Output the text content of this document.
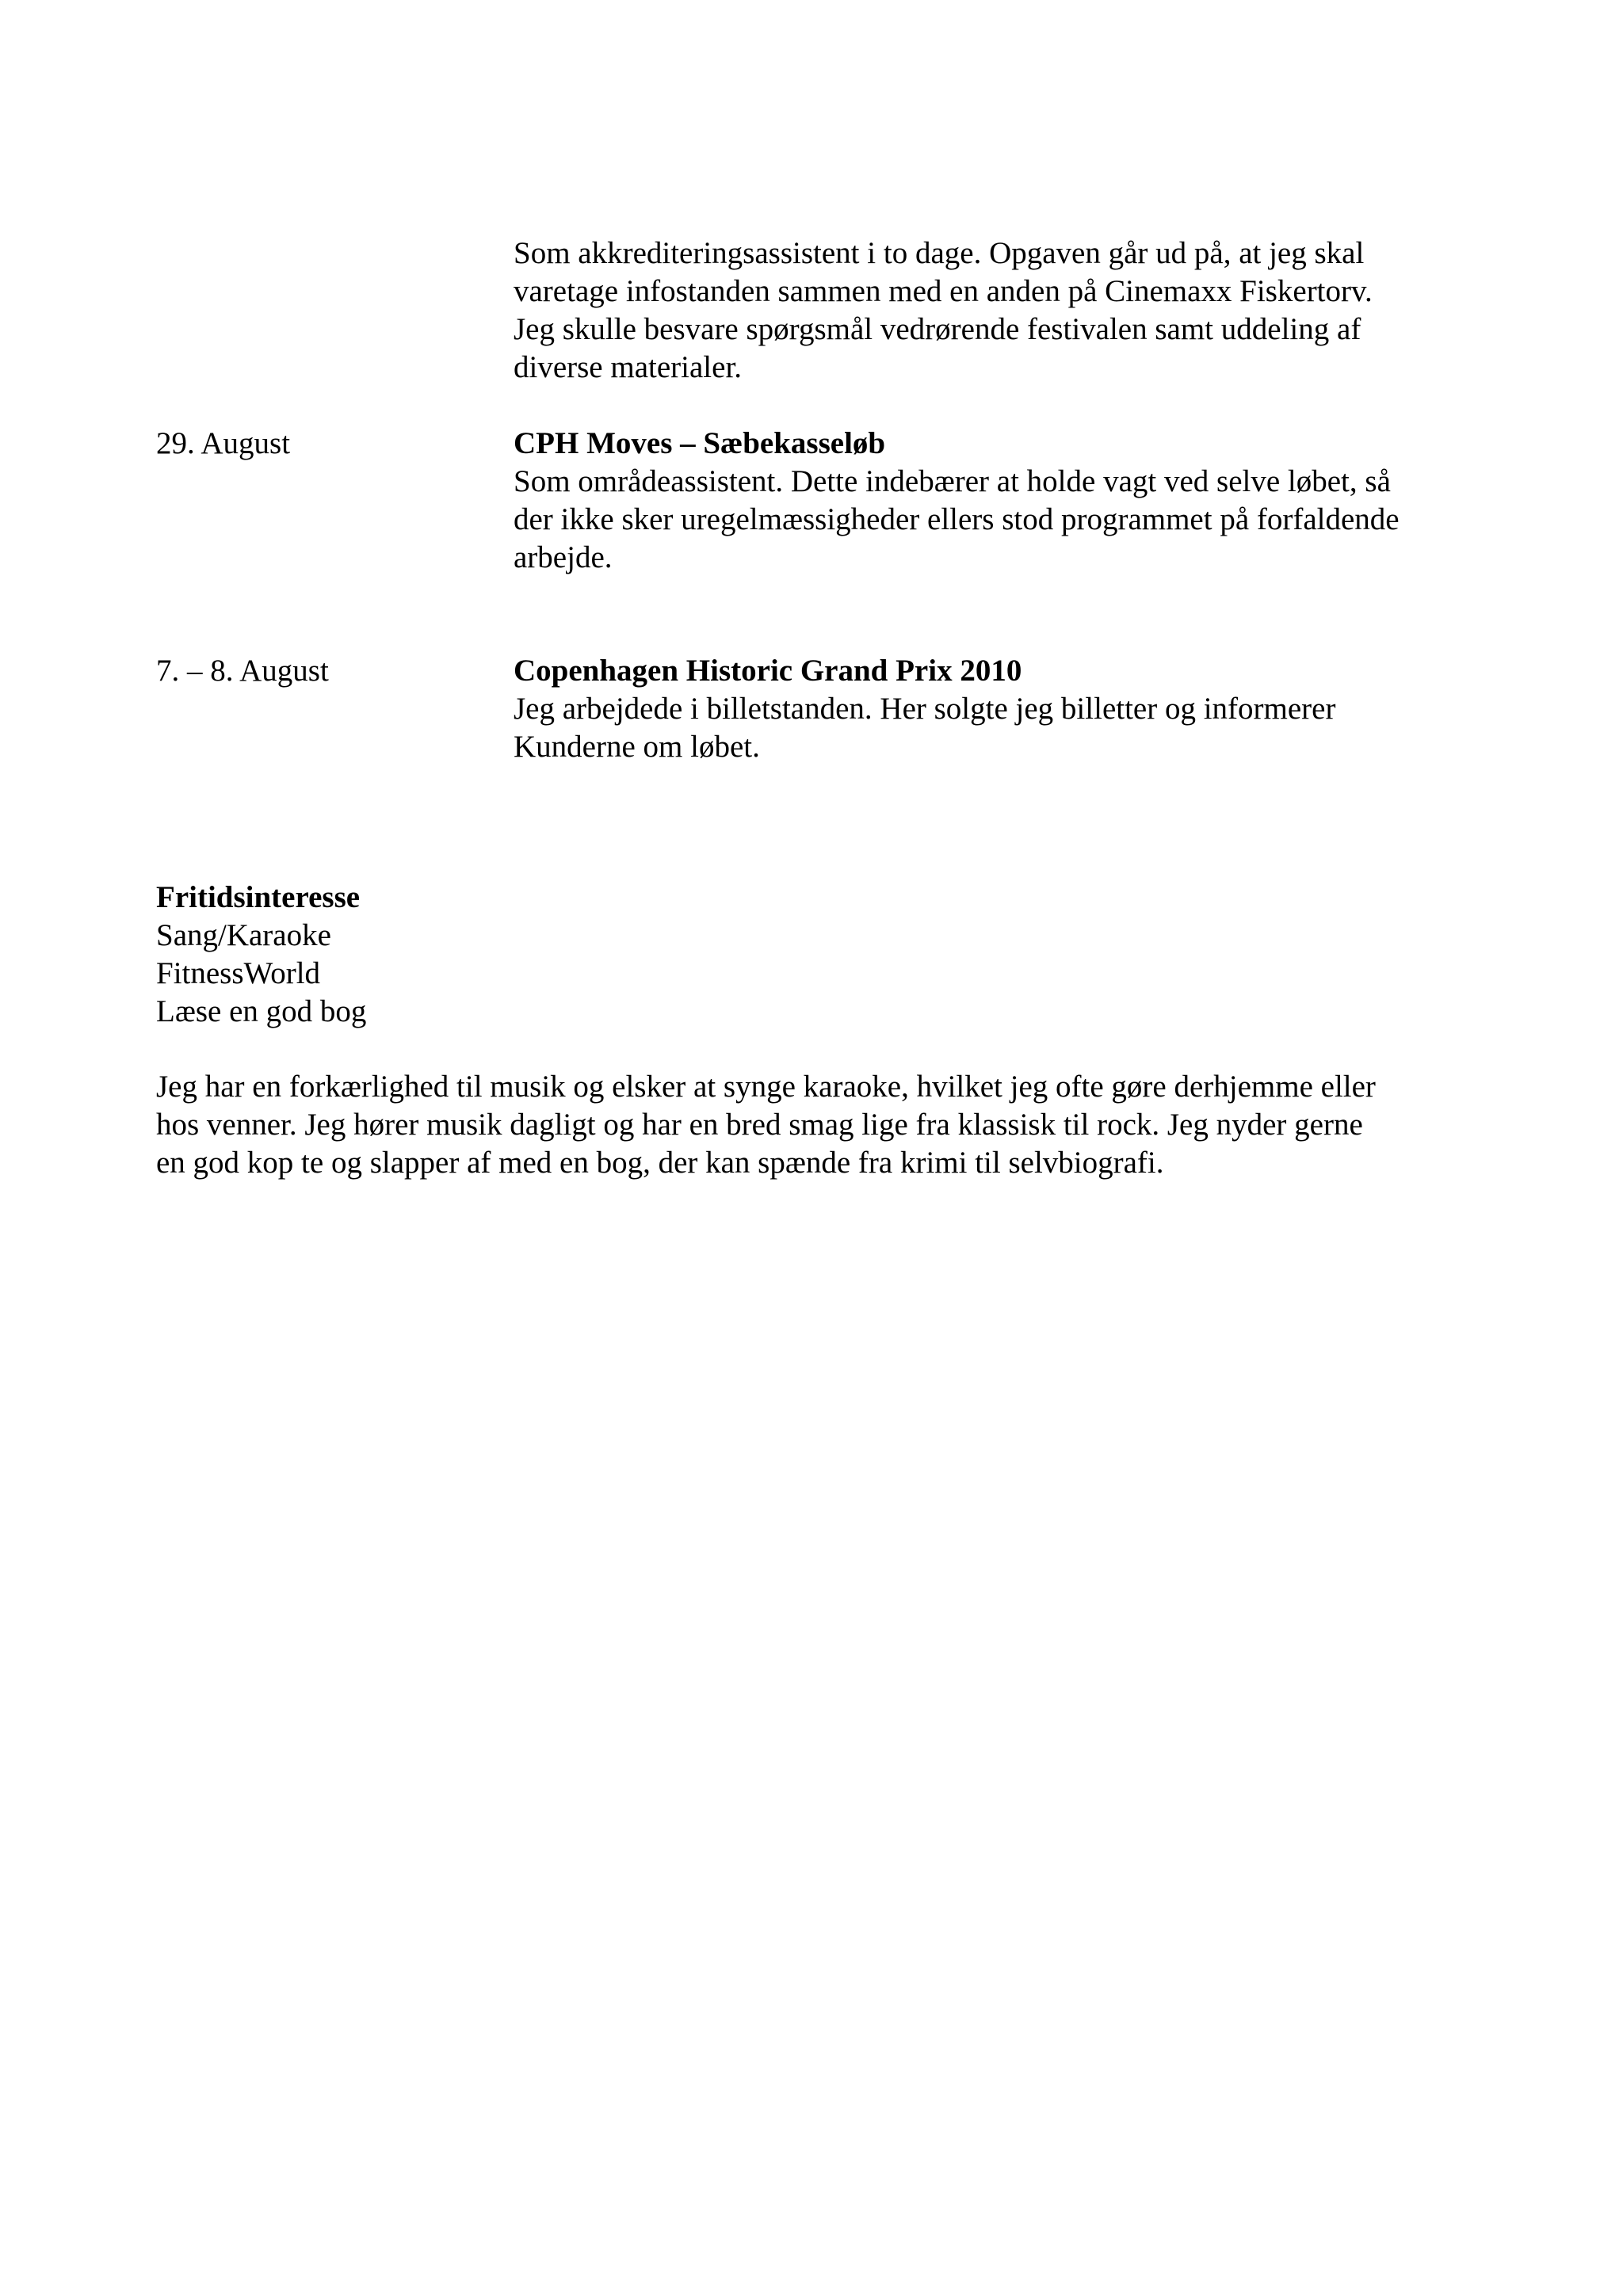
Som akkrediteringsassistent i to dage. Opgaven går ud på, at jeg skal
varetage infostanden sammen med en anden på Cinemaxx Fiskertorv.
Jeg skulle besvare spørgsmål vedrørende festivalen samt uddeling af
diverse materialer.
29. August	CPH Moves – Sæbekasseløb
Som områdeassistent. Dette indebærer at holde vagt ved selve løbet, så
der ikke sker uregelmæssigheder ellers stod programmet på forfaldende
arbejde.
7. – 8. August	Copenhagen Historic Grand Prix 2010
Jeg arbejdede i billetstanden. Her solgte jeg billetter og informerer
Kunderne om løbet.
Fritidsinteresse
Sang/Karaoke
FitnessWorld
Læse en god bog
Jeg har en forkærlighed til musik og elsker at synge karaoke, hvilket jeg ofte gøre derhjemme eller
hos venner. Jeg hører musik dagligt og har en bred smag lige fra klassisk til rock. Jeg nyder gerne
en god kop te og slapper af med en bog, der kan spænde fra krimi til selvbiografi.
